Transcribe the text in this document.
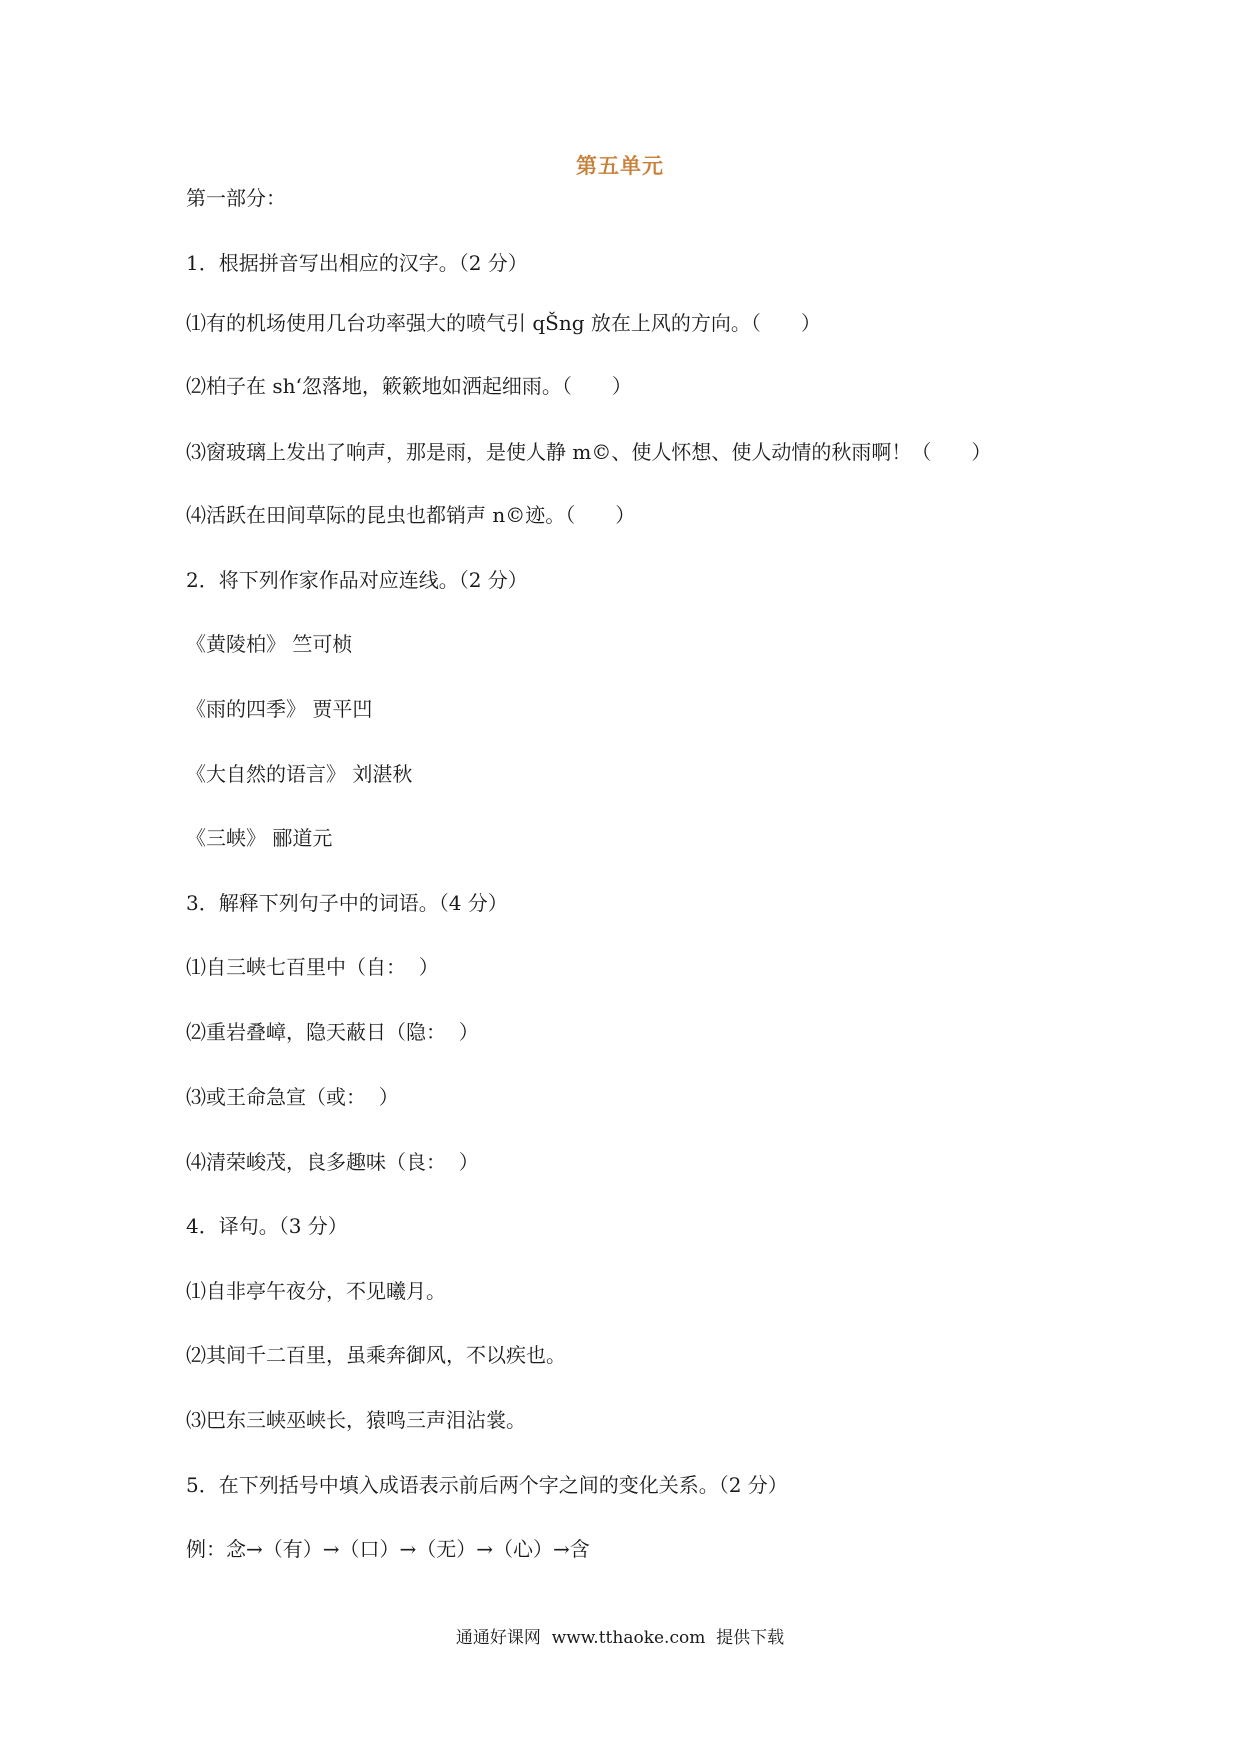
第五单元
第一部分：
1．根据拼音写出相应的汉字。（2 分）
⑴有的机场使用几台功率强大的喷气引 qŠng 放在上风的方向。（　　）
⑵柏子在 sh‘忽落地，簌簌地如洒起细雨。（　　）
⑶窗玻璃上发出了响声，那是雨，是使人静 m©、使人怀想、使人动情的秋雨啊！（　　）
⑷活跃在田间草际的昆虫也都销声 n©迹。（　　）
2．将下列作家作品对应连线。（2 分）
《黄陵柏》 竺可桢
《雨的四季》 贾平凹
《大自然的语言》 刘湛秋
《三峡》 郦道元
3．解释下列句子中的词语。（4 分）
⑴自三峡七百里中（自：  ）
⑵重岩叠嶂，隐天蔽日（隐：  ）
⑶或王命急宣（或：  ）
⑷清荣峻茂，良多趣味（良：  ）
4．译句。（3 分）
⑴自非亭午夜分，不见曦月。
⑵其间千二百里，虽乘奔御风，不以疾也。
⑶巴东三峡巫峡长，猿鸣三声泪沾裳。
5．在下列括号中填入成语表示前后两个字之间的变化关系。（2 分）
例：念→（有）→（口）→（无）→（心）→含
通通好课网  www.tthaoke.com  提供下载
